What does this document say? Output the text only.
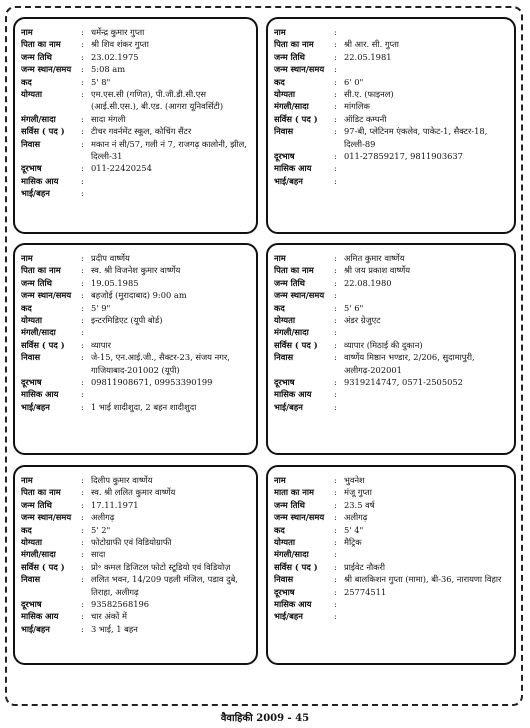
नाम	: धर्मेन्द्र कुमार गुप्ता
पिता का नाम	: श्री शिव शंकर गुप्ता
जन्म तिथि	: 23.02.1975
जन्म स्थान/समय	: 5:08 am
कद	: 5' 8"
योग्यता	: एम.एस.सी (गणित), पी.जी.डी.सी.एस (आई.सी.एस.), बी.एड. (आगरा यूनिवर्सिटी)
मंगली/सादा	: सादा मंगली
सर्विस ( पद )	: टीचर गवर्नमेंट स्कूल, कोचिंग सैंटर
निवास	: मकान नं सी/57, गली नं 7, राजगढ़ कालोनी, झील, दिल्ली-31
दूरभाष	: 011-22420254
मासिक आय	:
भाई/बहन	:
नाम	:
पिता का नाम	: श्री आर. सी. गुप्ता
जन्म तिथि	: 22.05.1981
जन्म स्थान/समय	:
कद	: 6' 0"
योग्यता	: सी.ए. (फाइनल)
मंगली/सादा	: मांगलिक
सर्विस ( पद )	: ऑडिट कम्पनी
निवास	: 97-बी, प्लेटिनम एंकलेव, पाकेट-1, सैक्टर-18, दिल्ली-89
दूरभाष	: 011-27859217, 9811903637
मासिक आय	:
भाई/बहन	:
नाम	: प्रदीप वार्ष्णेय
पिता का नाम	: स्व. श्री विजनेश कुमार वार्ष्णेय
जन्म तिथि	: 19.05.1985
जन्म स्थान/समय	: बहजोई (मुरादाबाद) 9:00 am
कद	: 5' 9"
योग्यता	: इन्टरमिडिएट (यूपी बोर्ड)
मंगली/सादा	:
सर्विस ( पद )	: व्यापार
निवास	: जे-15, एन.आई.जी., सैक्टर-23, संजय नगर, गाजियाबाद-201002 (यूपी)
दूरभाष	: 09811908671, 09953390199
मासिक आय	:
भाई/बहन	: 1 भाई शादीशुदा, 2 बहन शादीशुदा
नाम	: अमित कुमार वार्ष्णेय
पिता का नाम	: श्री जय प्रकाश वार्ष्णेय
जन्म तिथि	: 22.08.1980
जन्म स्थान/समय	:
कद	: 5' 6"
योग्यता	: अंडर ग्रेजुएट
मंगली/सादा	:
सर्विस ( पद )	: व्यापार (मिठाई की दुकान)
निवास	: वार्ष्णेय मिष्ठान भण्डार, 2/206, सुदामापुरी, अलीगढ़-202001
दूरभाष	: 9319214747, 0571-2505052
मासिक आय	:
भाई/बहन	:
नाम	: दिलीप कुमार वार्ष्णेय
पिता का नाम	: स्व. श्री ललित कुमार वार्ष्णेय
जन्म तिथि	: 17.11.1971
जन्म स्थान/समय	: अलीगढ़
कद	: 5' 2"
योग्यता	: फोटोग्राफी एवं विडियोग्राफी
मंगली/सादा	: सादा
सर्विस ( पद )	: प्रो॰ कमल डिजिटल फोटो स्टूडियो एवं विडियोज़
निवास	: ललित भवन, 14/209 पहली मंजिल, पडाव दुबे, तिराहा, अलीगढ़
दूरभाष	: 93582568196
मासिक आय	: चार अंकों में
भाई/बहन	: 3 भाई, 1 बहन
नाम	: भुवनेश
माता का नाम	: मंजू गुप्ता
जन्म तिथि	: 23.5 वर्ष
जन्म स्थान/समय	: अलीगढ़
कद	: 5' 4"
योग्यता	: मैट्रिक
मंगली/सादा	:
सर्विस ( पद )	: प्राईवेट नौकरी
निवास	: श्री बालकिशन गुप्ता (मामा), बी-36, नारायणा विहार
दूरभाष	: 25774511
मासिक आय	:
भाई/बहन	:
वैवाहिकी 2009 - 45
